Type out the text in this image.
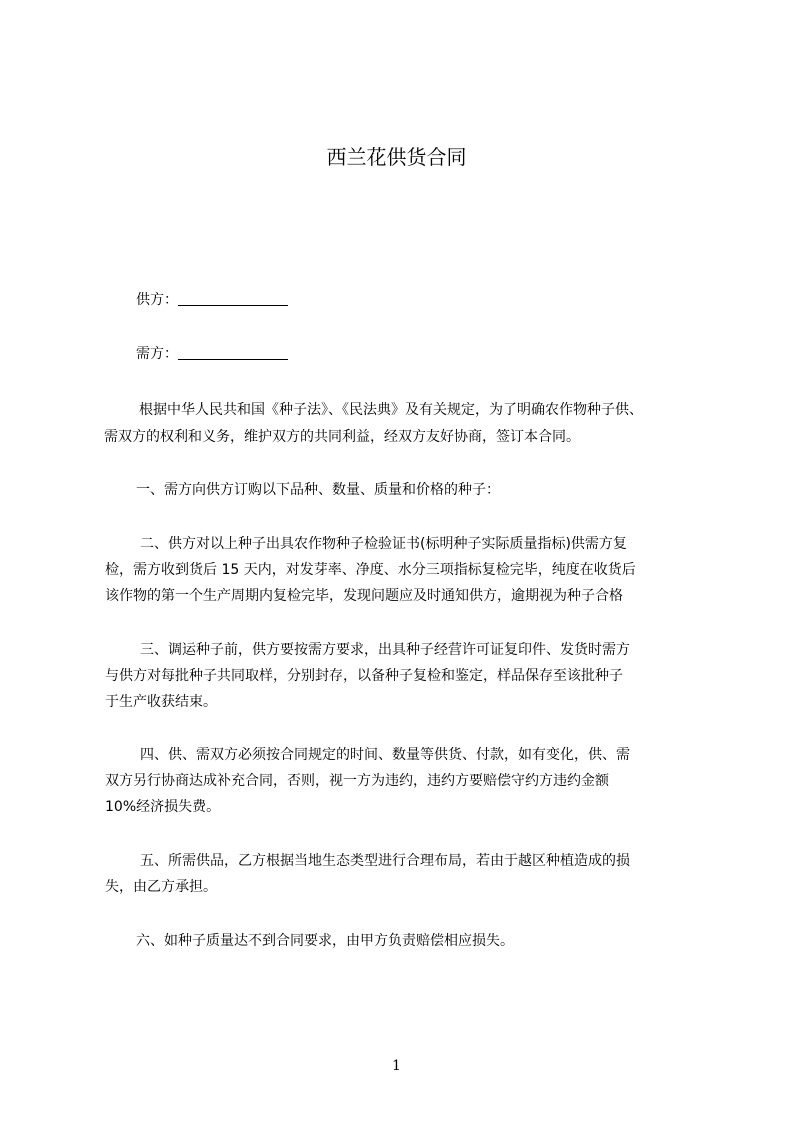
西兰花供货合同
供方：
需方：
根据中华人民共和国《种子法》、《民法典》及有关规定，为了明确农作物种子供、
需双方的权利和义务，维护双方的共同利益，经双方友好协商，签订本合同。
一、需方向供方订购以下品种、数量、质量和价格的种子：
二、供方对以上种子出具农作物种子检验证书(标明种子实际质量指标)供需方复
检，需方收到货后 15 天内，对发芽率、净度、水分三项指标复检完毕，纯度在收货后
该作物的第一个生产周期内复检完毕，发现问题应及时通知供方，逾期视为种子合格
三、调运种子前，供方要按需方要求，出具种子经营许可证复印件、发货时需方
与供方对每批种子共同取样，分别封存，以备种子复检和鉴定，样品保存至该批种子
于生产收获结束。
四、供、需双方必须按合同规定的时间、数量等供货、付款，如有变化，供、需
双方另行协商达成补充合同，否则，视一方为违约，违约方要赔偿守约方违约金额
10%经济损失费。
五、所需供品，乙方根据当地生态类型进行合理布局，若由于越区种植造成的损
失，由乙方承担。
六、如种子质量达不到合同要求，由甲方负责赔偿相应损失。
1
